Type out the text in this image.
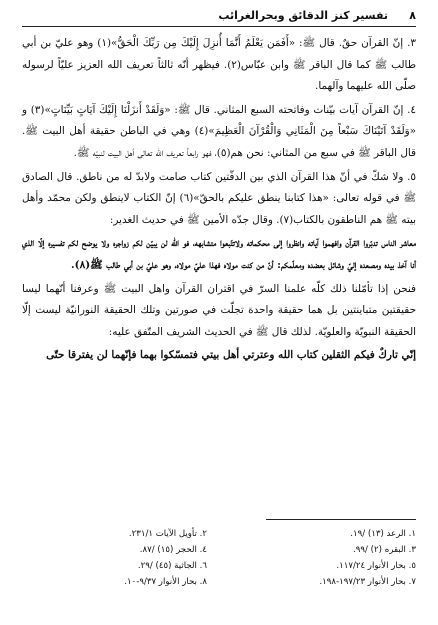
٨
تفسير كنز الدقائق وبحرالغرائب

٣. إنّ القرآن حقٌ. قال ﷺ: «أَفَمَن يَعْلَمُ أَنَّمَا أُنزِلَ إِلَيْكَ مِن رَبِّكَ الْحَقُّ»(١) وهو عليّ بن أبي طالب ﷺ كما قال الباقر ﷺ وابن عبّاس(٢). فيظهر أنّه ثالثاً تعريف الله العزيز عليّاً لرسوله صلّى الله عليهما وآلهما.

٤. إنّ القرآن آيات بيّنات وفاتحته السبع المثاني. قال ﷺ: «وَلَقَدْ أَنزَلْنَا إِلَيْكَ آيَاتٍ بَيِّنَاتٍ»(٣) و «وَلَقَدْ آتَيْنَاكَ سَبْعاً مِنَ الْمَثَانِي وَالْقُرْآنَ الْعَظِيمَ»(٤) وهي في الباطن حقيقة أهل البيت ﷺ. قال الباقر ﷺ في سبع من المثاني: نحن هم(٥)، فهو رابعاً تعريف الله تعالى أهل البيت لنبيّه ﷺ.

٥. ولا شكّ في أنّ هذا القرآن الذي بين الدفّتين كتاب صامت ولابدّ له من ناطق. قال الصادق ﷺ في قوله تعالى: «هذا كتابنا ينطق عليكم بالحقّ»(٦) إنّ الكتاب لاينطق ولكن محمّد وأهل بيته ﷺ هم الناطقون بالكتاب(٧). وقال جدّه الأمين ﷺ في حديث الغدير:

معاشر الناس تدبّروا القرآن وافهموا آياته وانظروا إلى محكماته ولاتتّبعوا متشابهه، فو الله لن يبيّن لكم زواجره ولا يوضح لكم تفسيره إلّا الذي أنا آخذ بيده ومصعده إليّ وشائل بعضده ومعلّمكم: أنّ من كنت مولاه فهذا عليّ مولاه، وهو عليّ بن أبي طالب ﷺ(٨).

فنحن إذا تأمّلنا ذلك كلّه علمنا السرّ في اقتران القرآن واهل البيت ﷺ وعرفنا أنّهما ليسا حقيقتين متباينتين بل هما حقيقة واحدة تجلّت في صورتين وتلك الحقيقة النورانيّة ليست إلّا الحقيقة النبويّة والعلويّة. لذلك قال ﷺ في الحديث الشريف المتّفق عليه:

إنّي تاركٌ فيكم الثقلين كتاب الله وعترتي أهل بيتي فتمسّكوا بهما فإنّهما لن يفترقا حتّى

١. الرعد (١٣) /١٩.
٢. تأويل الآيات ٢٣١/١.
٣. البقره (٢) /٩٩.
٤. الحجر (١٥) /٨٧.
٥. بحار الأنوار ١١٧/٢٤.
٦. الجاثية (٤٥) /٢٩.
٧. بحار الأنوار ١٩٧/٢٣-١٩٨.
٨. بحار الأنوار ٩/٣٧-١٠.
